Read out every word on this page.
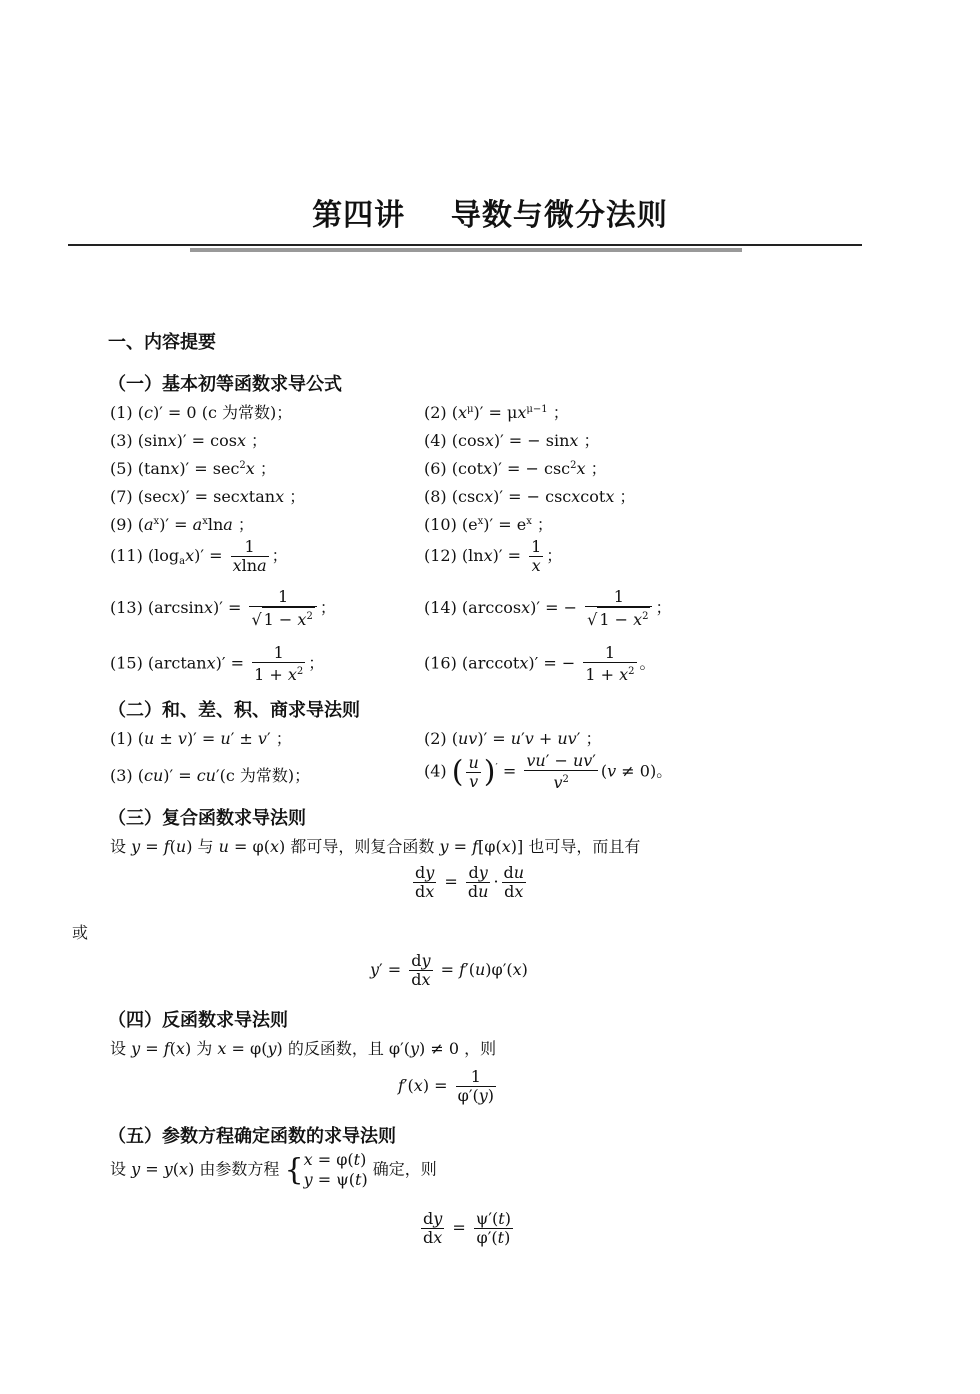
第四讲    导数与微分法则
一、内容提要
（一）基本初等函数求导公式
(1) (c)′ = 0 (c 为常数)；	(2) $(x^\mu)' = \mu x^{\mu-1}$ ；
(3) (sinx)′ = cosx ；	(4) (cosx)′ = − sinx ；
(5) $(\tan x)' = \sec^2x$ ；	(6) (cotx)′ = − $\csc^2x$ ；
(7) (secx)′ = secxtanx ；	(8) (cscx)′ = − cscxcotx ；
(9) $(a^x)' = a^x\ln a$ ；	(10) $(e^x)' = e^x$ ；
(11) $(\log_ax)' = \frac{1}{xlna}$ ；	(12) $(\ln x)' = \frac{1}{x}$ ；
(13) $(\arcsin x)' = \frac{1}{√ 1 - x^2}$ ；	(14) (arccosx)′ = − $\frac{1}{√ 1 - x^2}$ ；
(15) $(\arctan x)' = \frac{1}{1 + x^2}$ ；	(16) (arccotx)′ = − $\frac{1}{1 + x^2}$ 。
（二）和、差、积、商求导法则
(1) (u ± v)′ = u′ ± v′ ；	(2) (uv)′ = u′v + uv′ ；
(3) (cu)′ = cu′(c 为常数)；	(4) ( $\frac{u}{v} )' = \frac{vu' - uv'}{v^2} (v \ne 0)$。
（三）复合函数求导法则
设 y = f(u) 与 u = φ(x) 都可导，则复合函数 y = f[φ(x)] 也可导，而且有
$\frac{dy}{dx} = \frac{dy}{du} \cdot \frac{du}{dx}$
或
$y' = \frac{dy}{dx} = f'(u)\varphi'(x)$
（四）反函数求导法则
设 y = f(x) 为 x = φ(y) 的反函数，且 φ′(y) ≠ 0 ，则
$f'(x) = \frac{1}{\varphi'(y)}$
（五）参数方程确定函数的求导法则
设 y = y(x) 由参数方程 { x = φ(t)
y = ψ(t)
确定，则
$\frac{dy}{dx} = \frac{\psi'(t)}{\varphi'(t)}$
